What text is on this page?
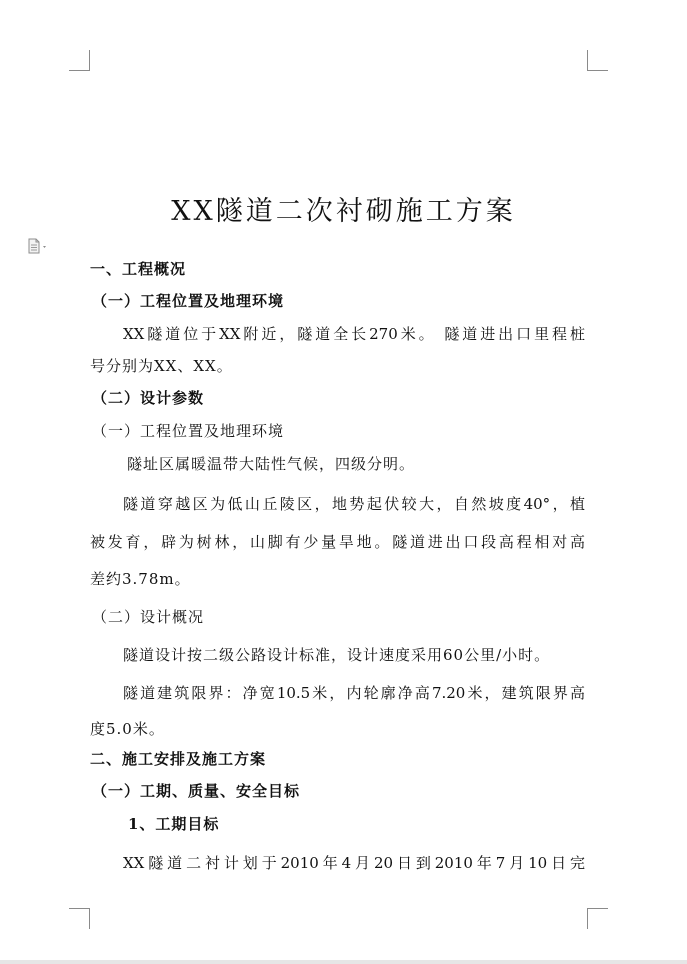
XX隧道二次衬砌施工方案
一、工程概况
（一）工程位置及地理环境
XX隧道位于XX附近，隧道全长270米。 隧道进出口里程桩
号分别为XX、XX。
（二）设计参数
（一）工程位置及地理环境
隧址区属暖温带大陆性气候，四级分明。
隧道穿越区为低山丘陵区，地势起伏较大，自然坡度40°，植
被发育，辟为树林，山脚有少量旱地。隧道进出口段高程相对高
差约3.78m。
（二）设计概况
隧道设计按二级公路设计标准，设计速度采用60公里/小时。
隧道建筑限界：净宽10.5米，内轮廓净高7.20米，建筑限界高
度5.0米。
二、施工安排及施工方案
（一）工期、质量、安全目标
1、工期目标
XX隧道二衬计划于2010年4月20日到2010年7月10日完
